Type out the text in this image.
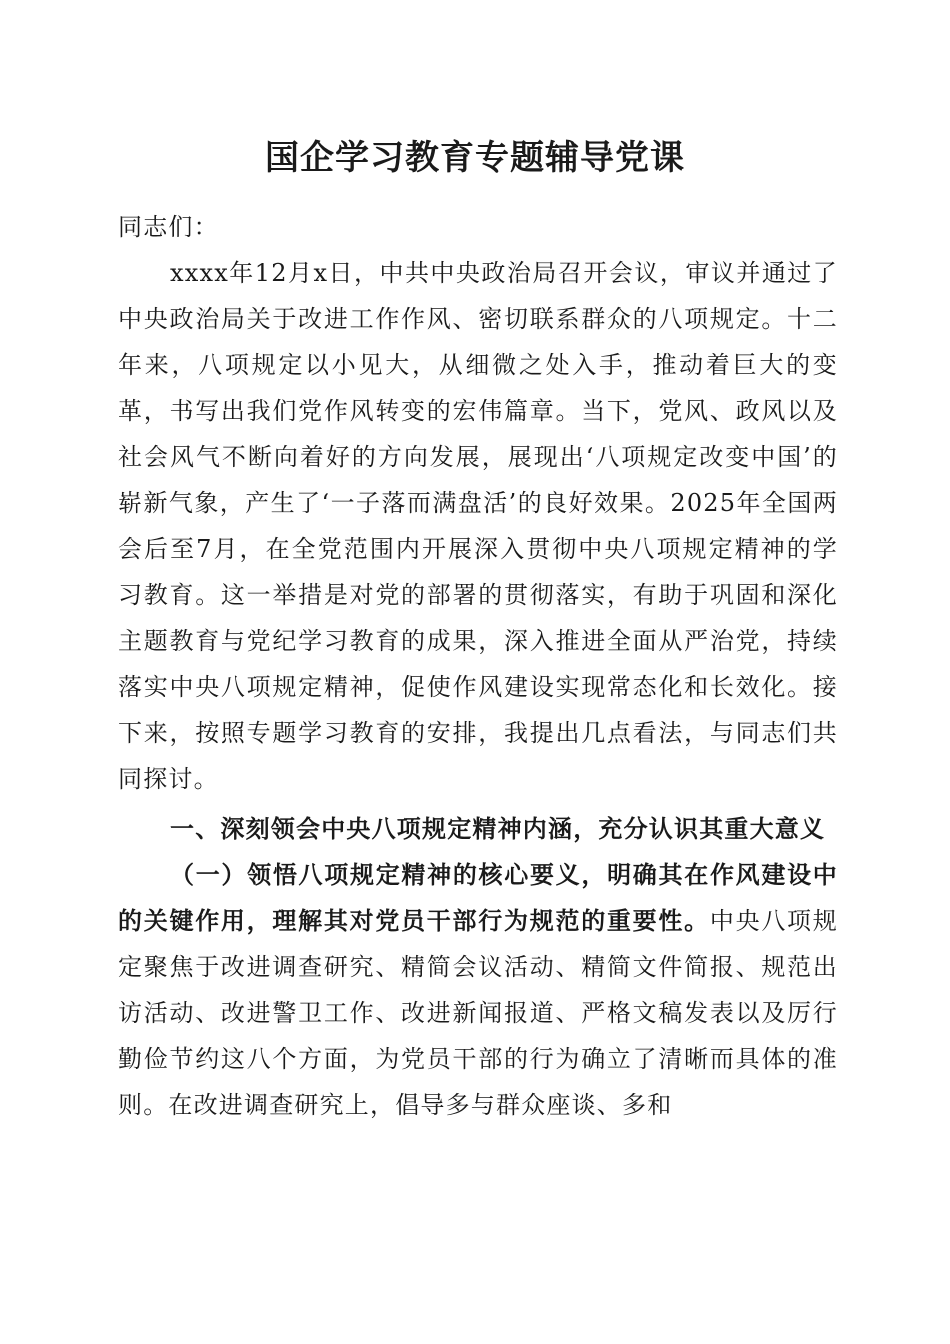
国企学习教育专题辅导党课

同志们：

xxxx年12月x日，中共中央政治局召开会议，审议并通过了中央政治局关于改进工作作风、密切联系群众的八项规定。十二年来，八项规定以小见大，从细微之处入手，推动着巨大的变革，书写出我们党作风转变的宏伟篇章。当下，党风、政风以及社会风气不断向着好的方向发展，展现出‘八项规定改变中国’的崭新气象，产生了‘一子落而满盘活’的良好效果。2025年全国两会后至7月，在全党范围内开展深入贯彻中央八项规定精神的学习教育。这一举措是对党的部署的贯彻落实，有助于巩固和深化主题教育与党纪学习教育的成果，深入推进全面从严治党，持续落实中央八项规定精神，促使作风建设实现常态化和长效化。接下来，按照专题学习教育的安排，我提出几点看法，与同志们共同探讨。

一、深刻领会中央八项规定精神内涵，充分认识其重大意义

（一）领悟八项规定精神的核心要义，明确其在作风建设中的关键作用，理解其对党员干部行为规范的重要性。中央八项规定聚焦于改进调查研究、精简会议活动、精简文件简报、规范出访活动、改进警卫工作、改进新闻报道、严格文稿发表以及厉行勤俭节约这八个方面，为党员干部的行为确立了清晰而具体的准则。在改进调查研究上，倡导多与群众座谈、多和
